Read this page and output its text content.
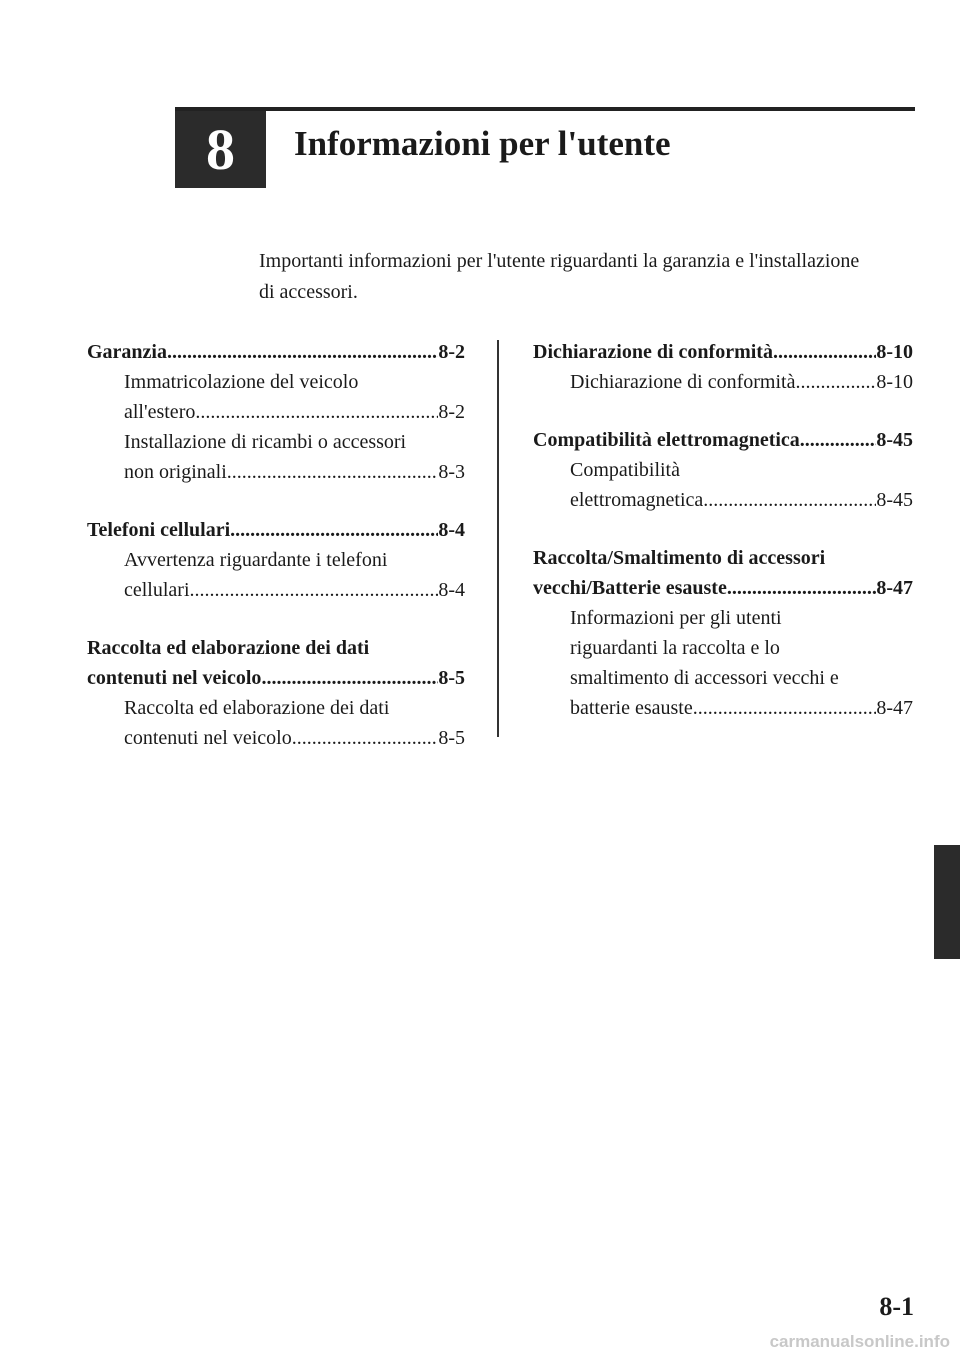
8 Informazioni per l'utente
Importanti informazioni per l'utente riguardanti la garanzia e l'installazione di accessori.
Garanzia .....	8-2
Immatricolazione del veicolo
all'estero .....	8-2
Installazione di ricambi o accessori
non originali .....	8-3
Telefoni cellulari .....	8-4
Avvertenza riguardante i telefoni
cellulari .....	8-4
Raccolta ed elaborazione dei dati
contenuti nel veicolo .....	8-5
Raccolta ed elaborazione dei dati
contenuti nel veicolo .....	8-5
Dichiarazione di conformità .....	8-10
Dichiarazione di conformità .....	8-10
Compatibilità elettromagnetica .....	8-45
Compatibilità
elettromagnetica .....	8-45
Raccolta/Smaltimento di accessori
vecchi/Batterie esauste .....	8-47
Informazioni per gli utenti
riguardanti la raccolta e lo
smaltimento di accessori vecchi e
batterie esauste .....	8-47
8-1
carmanualsonline.info
